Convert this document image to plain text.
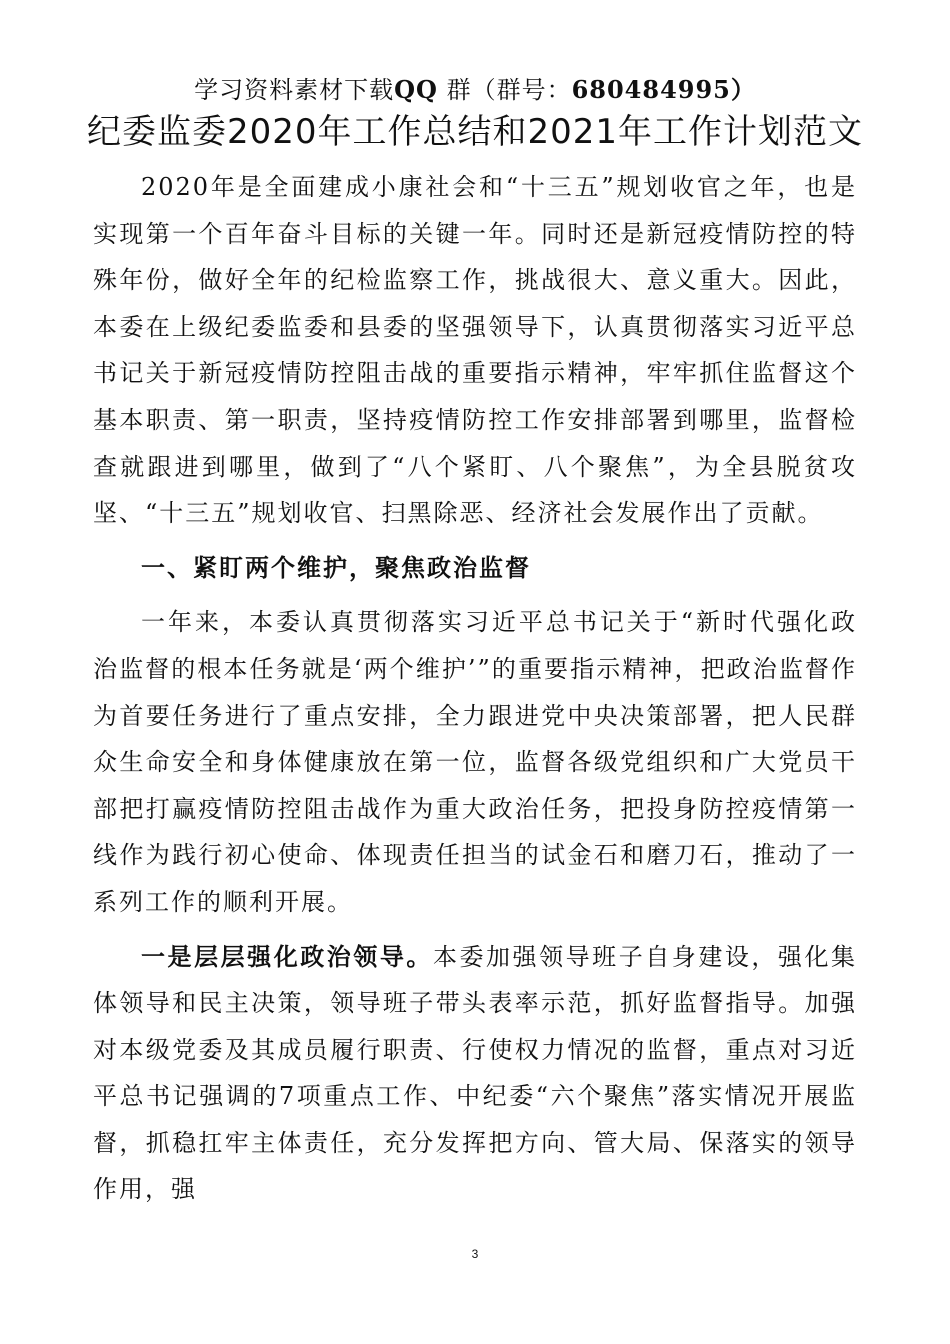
学习资料素材下载QQ 群（群号：680484995）
纪委监委2020年工作总结和2021年工作计划范文

2020年是全面建成小康社会和“十三五”规划收官之年，也是实现第一个百年奋斗目标的关键一年。同时还是新冠疫情防控的特殊年份，做好全年的纪检监察工作，挑战很大、意义重大。因此，本委在上级纪委监委和县委的坚强领导下，认真贯彻落实习近平总书记关于新冠疫情防控阻击战的重要指示精神，牢牢抓住监督这个基本职责、第一职责，坚持疫情防控工作安排部署到哪里，监督检查就跟进到哪里，做到了“八个紧盯、八个聚焦”，为全县脱贫攻坚、“十三五”规划收官、扫黑除恶、经济社会发展作出了贡献。

一、紧盯两个维护，聚焦政治监督

一年来，本委认真贯彻落实习近平总书记关于“新时代强化政治监督的根本任务就是‘两个维护’”的重要指示精神，把政治监督作为首要任务进行了重点安排，全力跟进党中央决策部署，把人民群众生命安全和身体健康放在第一位，监督各级党组织和广大党员干部把打赢疫情防控阻击战作为重大政治任务，把投身防控疫情第一线作为践行初心使命、体现责任担当的试金石和磨刀石，推动了一系列工作的顺利开展。

一是层层强化政治领导。本委加强领导班子自身建设，强化集体领导和民主决策，领导班子带头表率示范，抓好监督指导。加强对本级党委及其成员履行职责、行使权力情况的监督，重点对习近平总书记强调的7项重点工作、中纪委“六个聚焦”落实情况开展监督，抓稳扛牢主体责任，充分发挥把方向、管大局、保落实的领导作用，强

3
